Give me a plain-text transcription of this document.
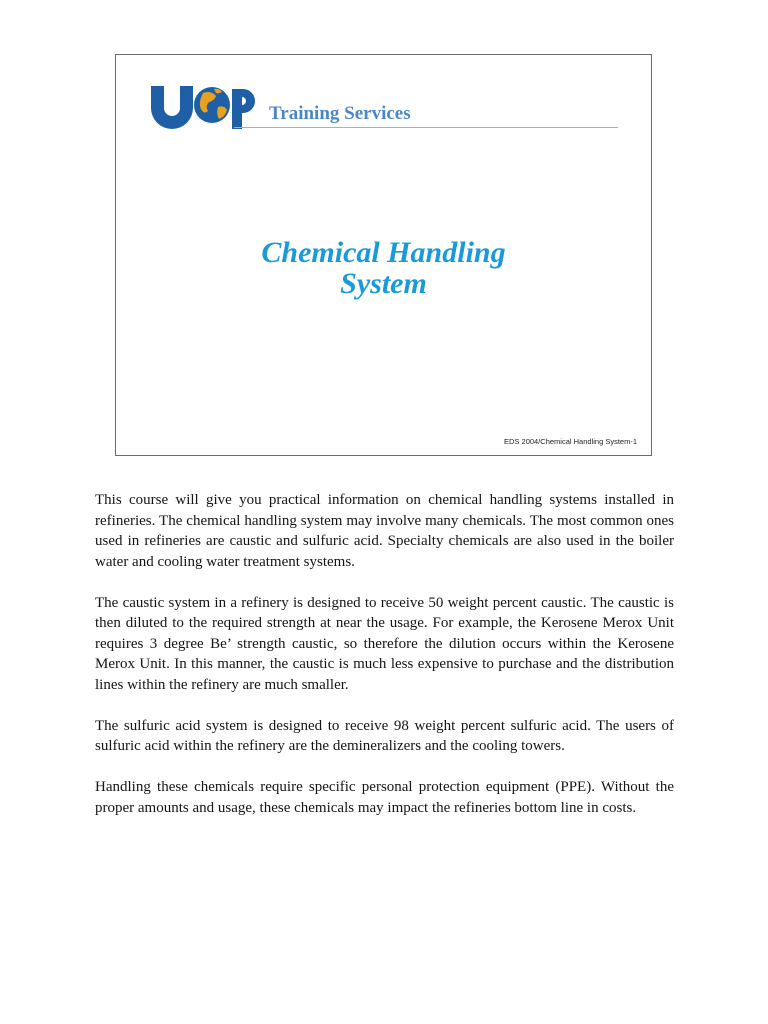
Training Services
Chemical Handling
System
EDS 2004/Chemical Handling System-1

This course will give you practical information on chemical handling systems installed in refineries. The chemical handling system may involve many chemicals. The most common ones used in refineries are caustic and sulfuric acid. Specialty chemicals are also used in the boiler water and cooling water treatment systems.

The caustic system in a refinery is designed to receive 50 weight percent caustic. The caustic is then diluted to the required strength at near the usage. For example, the Kerosene Merox Unit requires 3 degree Be’ strength caustic, so therefore the dilution occurs within the Kerosene Merox Unit. In this manner, the caustic is much less expensive to purchase and the distribution lines within the refinery are much smaller.

The sulfuric acid system is designed to receive 98 weight percent sulfuric acid. The users of sulfuric acid within the refinery are the demineralizers and the cooling towers.

Handling these chemicals require specific personal protection equipment (PPE). Without the proper amounts and usage, these chemicals may impact the refineries bottom line in costs.
